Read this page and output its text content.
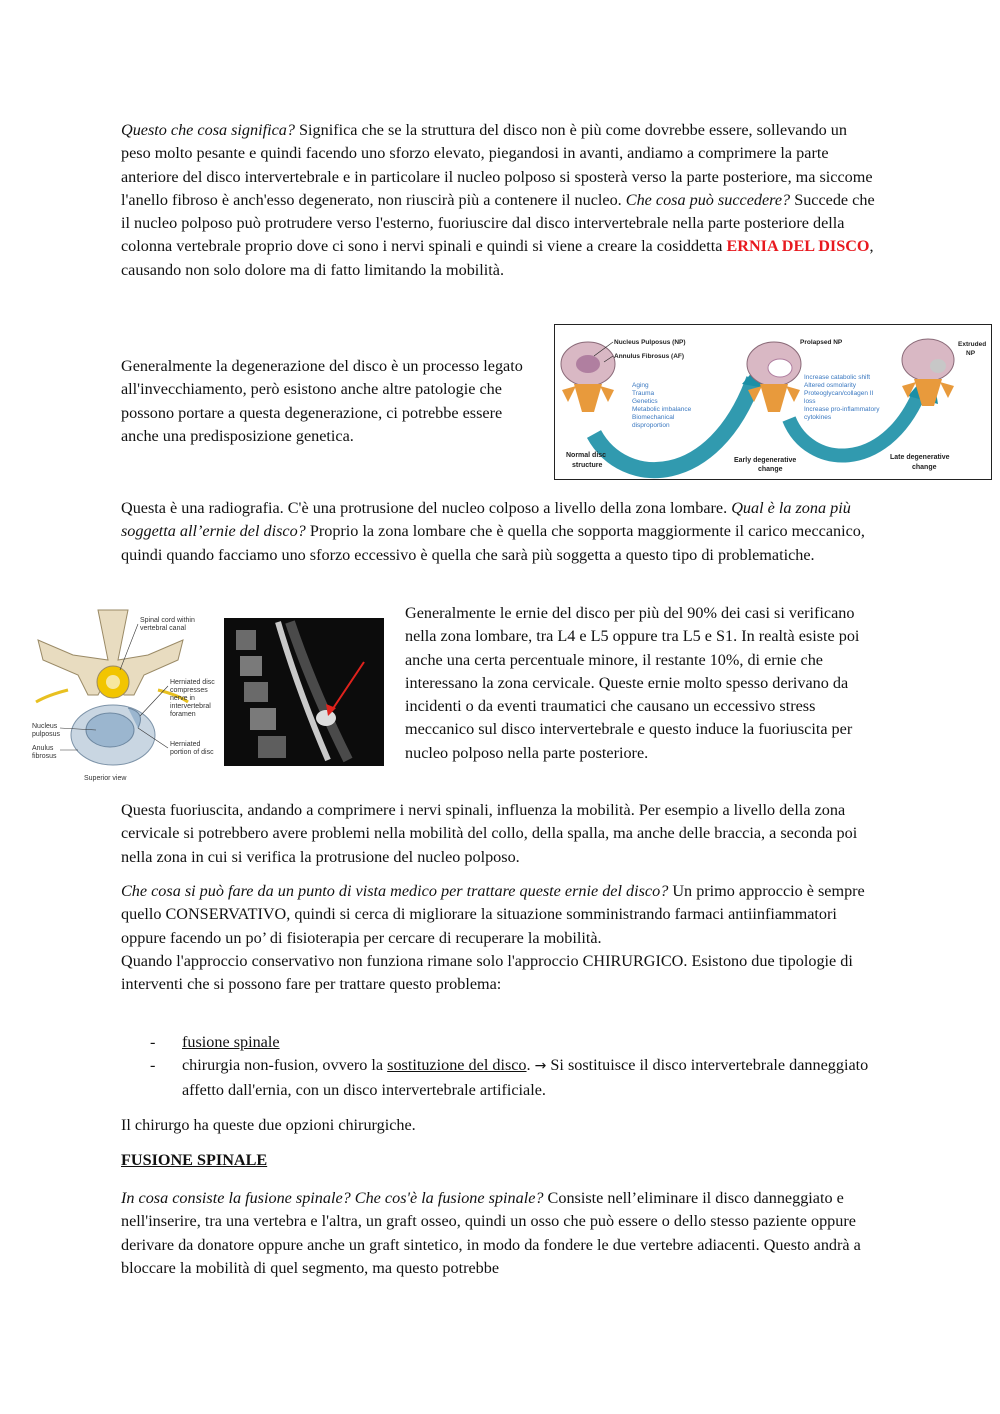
Questo che cosa significa? Significa che se la struttura del disco non è più come dovrebbe essere, sollevando un peso molto pesante e quindi facendo uno sforzo elevato, piegandosi in avanti, andiamo a comprimere la parte anteriore del disco intervertebrale e in particolare il nucleo polposo si sposterà verso la parte posteriore, ma siccome l'anello fibroso è anch'esso degenerato, non riuscirà più a contenere il nucleo. Che cosa può succedere? Succede che il nucleo polposo può protrudere verso l'esterno, fuoriuscire dal disco intervertebrale nella parte posteriore della colonna vertebrale proprio dove ci sono i nervi spinali e quindi si viene a creare la cosiddetta ERNIA DEL DISCO, causando non solo dolore ma di fatto limitando la mobilità.

Generalmente la degenerazione del disco è un processo legato all'invecchiamento, però esistono anche altre patologie che possono portare a questa degenerazione, ci potrebbe essere anche una predisposizione genetica.

Nucleus Pulposus (NP)
Annulus Fibrosus (AF)
Prolapsed NP	Extruded
NP
Aging
Trauma
Genetics
Metabolic imbalance
Biomechanical
disproportion
Increase catabolic shift
Altered osmolarity
Proteoglycan/collagen II
loss
Increase pro-inflammatory
cytokines
Normal disc
structure
Early degenerative
change
Late degenerative
change

Questa è una radiografia. C'è una protrusione del nucleo colposo a livello della zona lombare. Qual è la zona più soggetta all’ernie del disco? Proprio la zona lombare che è quella che sopporta maggiormente il carico meccanico, quindi quando facciamo uno sforzo eccessivo è quella che sarà più soggetta a questo tipo di problematiche.

Spinal cord within
vertebral canal
Herniated disc
compresses
nerve in
intervertebral
foramen
Nucleus
pulposus
Anulus
fibrosus
Herniated
portion of disc
Superior view

Generalmente le ernie del disco per più del 90% dei casi si verificano nella zona lombare, tra L4 e L5 oppure tra L5 e S1. In realtà esiste poi anche una certa percentuale minore, il restante 10%, di ernie che interessano la zona cervicale. Queste ernie molto spesso derivano da incidenti o da eventi traumatici che causano un eccessivo stress meccanico sul disco intervertebrale e questo induce la fuoriuscita per nucleo polposo nella parte posteriore.

Questa fuoriuscita, andando a comprimere i nervi spinali, influenza la mobilità. Per esempio a livello della zona cervicale si potrebbero avere problemi nella mobilità del collo, della spalla, ma anche delle braccia, a seconda poi nella zona in cui si verifica la protrusione del nucleo polposo.

Che cosa si può fare da un punto di vista medico per trattare queste ernie del disco? Un primo approccio è sempre quello CONSERVATIVO, quindi si cerca di migliorare la situazione somministrando farmaci antiinfiammatori oppure facendo un po’ di fisioterapia per cercare di recuperare la mobilità.

Quando l'approccio conservativo non funziona rimane solo l'approccio CHIRURGICO. Esistono due tipologie di interventi che si possono fare per trattare questo problema:

- fusione spinale
- chirurgia non-fusion, ovvero la sostituzione del disco. → Si sostituisce il disco intervertebrale danneggiato affetto dall'ernia, con un disco intervertebrale artificiale.

Il chirurgo ha queste due opzioni chirurgiche.

FUSIONE SPINALE

In cosa consiste la fusione spinale? Che cos'è la fusione spinale? Consiste nell’eliminare il disco danneggiato e nell'inserire, tra una vertebra e l'altra, un graft osseo, quindi un osso che può essere o dello stesso paziente oppure derivare da donatore oppure anche un graft sintetico, in modo da fondere le due vertebre adiacenti. Questo andrà a bloccare la mobilità di quel segmento, ma questo potrebbe
